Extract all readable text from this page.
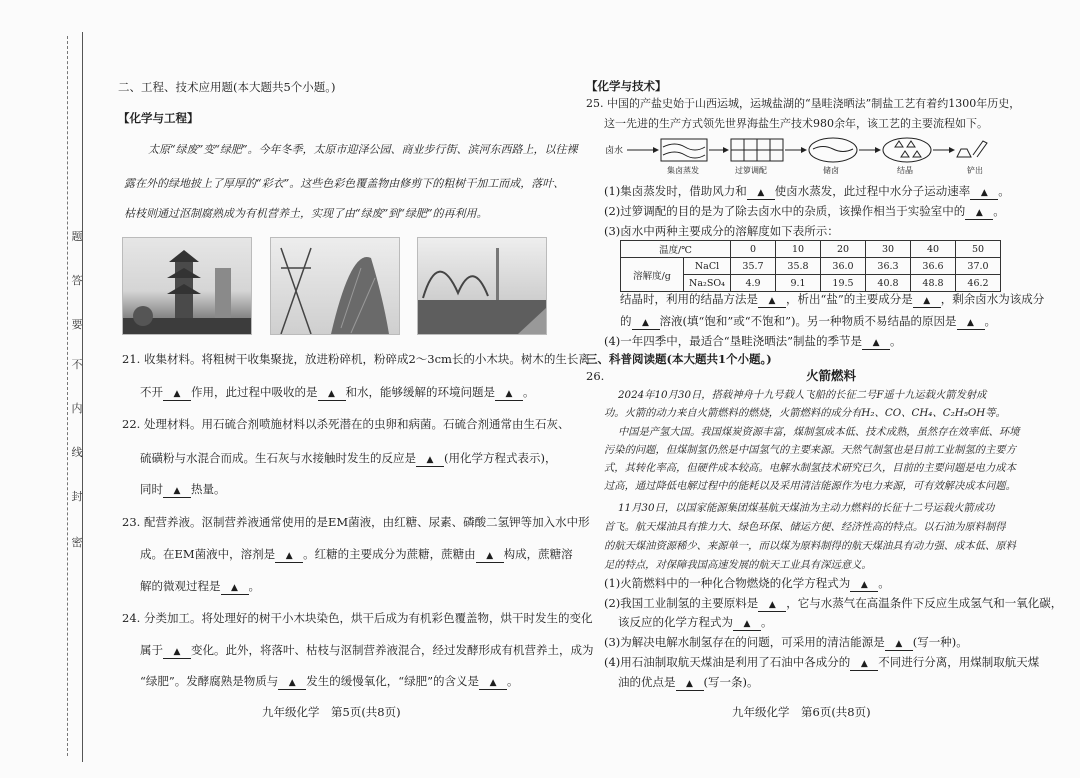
题
答
要
不
内
线
封
密
二、工程、技术应用题(本大题共5个小题。)
【化学与工程】
太原“绿废”变“绿肥”。今年冬季，太原市迎泽公园、商业步行街、滨河东西路上，以往裸
露在外的绿地披上了厚厚的“彩衣”。这些色彩色覆盖物由修剪下的粗树干加工而成，落叶、
枯枝则通过沤制腐熟成为有机营养土，实现了由“绿废”到“绿肥”的再利用。
21. 收集材料。将粗树干收集聚拢，放进粉碎机，粉碎成2～3cm长的小木块。树木的生长离
不开 ▲ 作用，此过程中吸收的是 ▲ 和水，能够缓解的环境问题是 ▲ 。
22. 处理材料。用石硫合剂喷施材料以杀死潜在的虫卵和病菌。石硫合剂通常由生石灰、
硫磺粉与水混合而成。生石灰与水接触时发生的反应是 ▲ (用化学方程式表示)，
同时 ▲ 热量。
23. 配营养液。沤制营养液通常使用的是EM菌液，由红糖、尿素、磷酸二氢钾等加入水中形
成。在EM菌液中，溶剂是 ▲ 。红糖的主要成分为蔗糖，蔗糖由 ▲ 构成，蔗糖溶
解的微观过程是 ▲ 。
24. 分类加工。将处理好的树干小木块染色，烘干后成为有机彩色覆盖物，烘干时发生的变化
属于 ▲ 变化。此外，将落叶、枯枝与沤制营养液混合，经过发酵形成有机营养土，成为
“绿肥”。发酵腐熟是物质与 ▲ 发生的缓慢氧化，“绿肥”的含义是 ▲ 。
九年级化学　第5页(共8页)
【化学与技术】
25. 中国的产盐史始于山西运城，运城盐湖的“垦畦浇晒法”制盐工艺有着约1300年历史，
这一先进的生产方式领先世界海盐生产技术980余年，该工艺的主要流程如下。
卤水
集卤蒸发	过箩调配	储卤	结晶	铲出
(1)集卤蒸发时，借助风力和 ▲ 使卤水蒸发，此过程中水分子运动速率 ▲ 。
(2)过箩调配的目的是为了除去卤水中的杂质，该操作相当于实验室中的 ▲ 。
(3)卤水中两种主要成分的溶解度如下表所示：
温度/℃		0	10	20	30	40	50
溶解度/g	NaCl	35.7	35.8	36.0	36.3	36.6	37.0
	Na₂SO₄	4.9	9.1	19.5	40.8	48.8	46.2
结晶时，利用的结晶方法是 ▲ ，析出“盐”的主要成分是 ▲ ，剩余卤水为该成分
的 ▲ 溶液(填“饱和”或“不饱和”)。另一种物质不易结晶的原因是 ▲ 。
(4)一年四季中，最适合“垦畦浇晒法”制盐的季节是 ▲ 。
三、科普阅读题(本大题共1个小题。)
26.	火箭燃料
2024年10月30日，搭载神舟十九号载人飞船的长征二号F遥十九运载火箭发射成
功。火箭的动力来自火箭燃料的燃烧，火箭燃料的成分有H₂、CO、CH₄、C₂H₅OH等。
中国是产氢大国。我国煤炭资源丰富，煤制氢成本低、技术成熟，虽然存在效率低、环境
污染的问题，但煤制氢仍然是中国氢气的主要来源。天然气制氢也是目前工业制氢的主要方
式，其转化率高，但硬件成本较高。电解水制氢技术研究已久，目前的主要问题是电力成本
过高，通过降低电解过程中的能耗以及采用清洁能源作为电力来源，可有效解决成本问题。
11月30日，以国家能源集团煤基航天煤油为主动力燃料的长征十二号运载火箭成功
首飞。航天煤油具有推力大、绿色环保、储运方便、经济性高的特点。以石油为原料制得
的航天煤油资源稀少、来源单一，而以煤为原料制得的航天煤油具有动力强、成本低、原料
足的特点，对保障我国高速发展的航天工业具有深远意义。
(1)火箭燃料中的一种化合物燃烧的化学方程式为 ▲ 。
(2)我国工业制氢的主要原料是 ▲ ，它与水蒸气在高温条件下反应生成氢气和一氧化碳，
该反应的化学方程式为 ▲ 。
(3)为解决电解水制氢存在的问题，可采用的清洁能源是 ▲ (写一种)。
(4)用石油制取航天煤油是利用了石油中各成分的 ▲ 不同进行分离，用煤制取航天煤
油的优点是 ▲ (写一条)。
九年级化学　第6页(共8页)
